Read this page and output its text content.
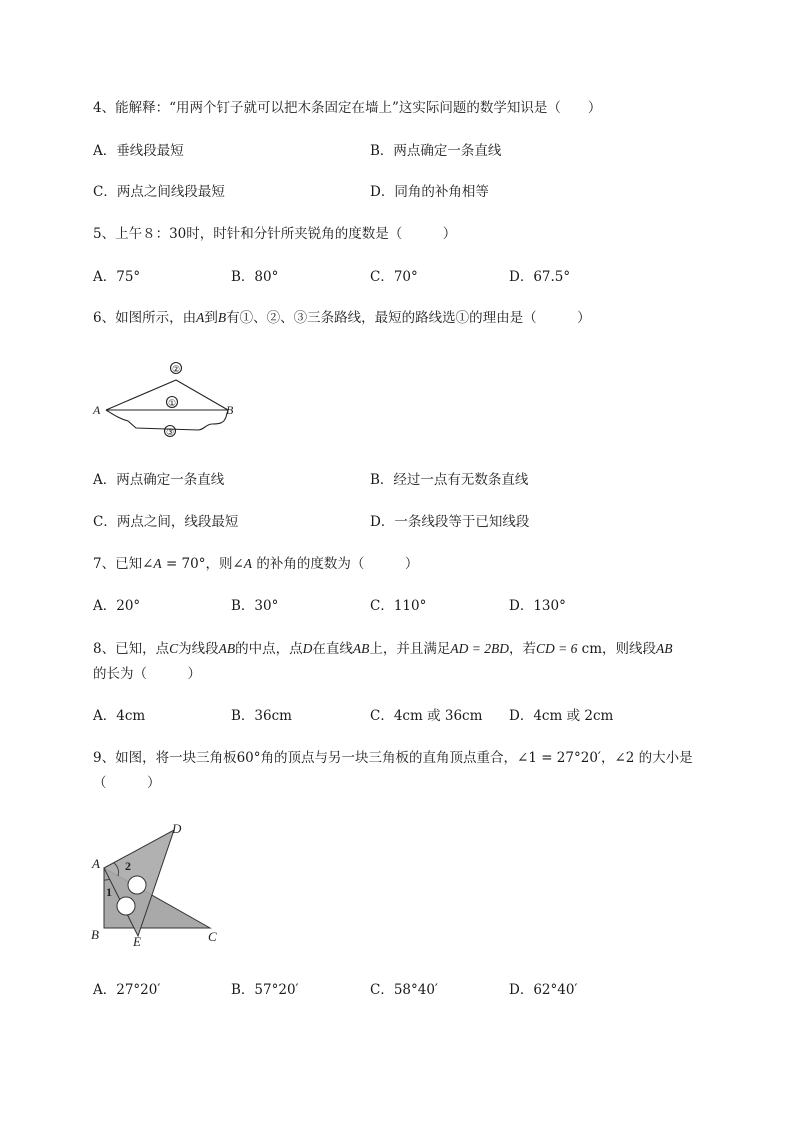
4、能解释：“用两个钉子就可以把木条固定在墙上”这实际问题的数学知识是（　　）
A．垂线段最短	B．两点确定一条直线
C．两点之间线段最短	D．同角的补角相等
5、上午８：30时，时针和分针所夹锐角的度数是（　　　）
A．75°	B．80°	C．70°	D．67.5°
6、如图所示，由A到B有①、②、③三条路线，最短的路线选①的理由是（　　　）
②
①
③
A	B
A．两点确定一条直线	B．经过一点有无数条直线
C．两点之间，线段最短	D．一条线段等于已知线段
7、已知∠A = 70°，则∠A 的补角的度数为（　　　）
A．20°	B．30°	C．110°	D．130°
8、已知，点C为线段AB的中点，点D在直线AB上，并且满足AD = 2BD，若CD = 6 cm，则线段AB
的长为（　　　）
A．4cm	B．36cm	C．4cm 或 36cm D．4cm 或 2cm
9、如图，将一块三角板60°角的顶点与另一块三角板的直角顶点重合，∠1 = 27°20′，∠2 的大小是
（　　　）
A
B	C
D
E
2
1
A．27°20′	B．57°20′	C．58°40′	D．62°40′
